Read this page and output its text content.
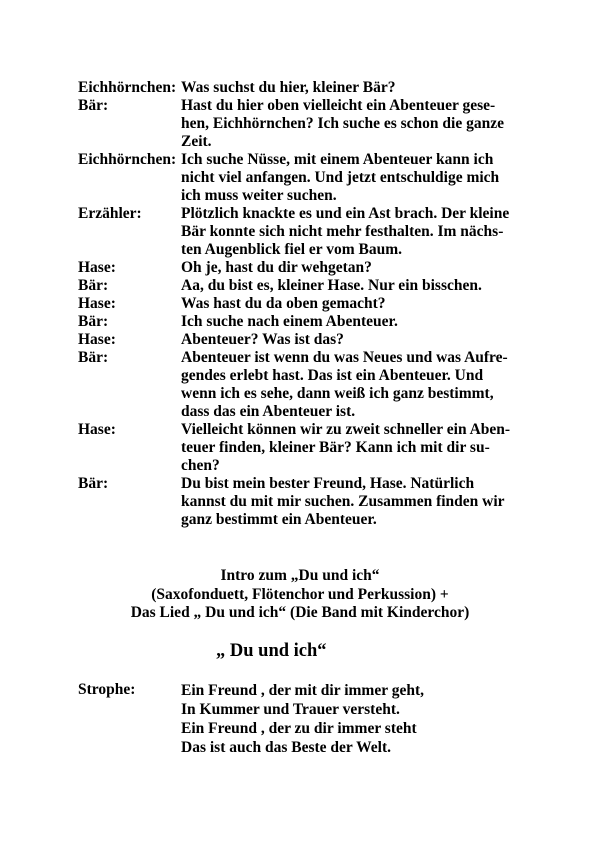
Eichhörnchen: Was suchst du hier, kleiner Bär?
Bär:	Hast du hier oben vielleicht ein Abenteuer gese-
hen, Eichhörnchen? Ich suche es schon die ganze
Zeit.
Eichhörnchen: Ich suche Nüsse, mit einem Abenteuer kann ich
nicht viel anfangen. Und jetzt entschuldige mich
ich muss weiter suchen.
Erzähler:	Plötzlich knackte es und ein Ast brach. Der kleine
Bär konnte sich nicht mehr festhalten. Im nächs-
ten Augenblick fiel er vom Baum.
Hase:	Oh je, hast du dir wehgetan?
Bär:	Aa, du bist es, kleiner Hase. Nur ein bisschen.
Hase:	Was hast du da oben gemacht?
Bär:	Ich suche nach einem Abenteuer.
Hase:	Abenteuer? Was ist das?
Bär:	Abenteuer ist wenn du was Neues und was Aufre-
gendes erlebt hast. Das ist ein Abenteuer. Und
wenn ich es sehe, dann weiß ich ganz bestimmt,
dass das ein Abenteuer ist.
Hase:	Vielleicht können wir zu zweit schneller ein Aben-
teuer finden, kleiner Bär? Kann ich mit dir su-
chen?
Bär:	Du bist mein bester Freund, Hase. Natürlich
kannst du mit mir suchen. Zusammen finden wir
ganz bestimmt ein Abenteuer.
Intro zum „Du und ich“
(Saxofonduett, Flötenchor und Perkussion) +
Das Lied „ Du und ich“ (Die Band mit Kinderchor)
„ Du und ich“
Strophe:	Ein Freund , der mit dir immer geht,
In Kummer und Trauer versteht.
Ein Freund , der zu dir immer steht
Das ist auch das Beste der Welt.
